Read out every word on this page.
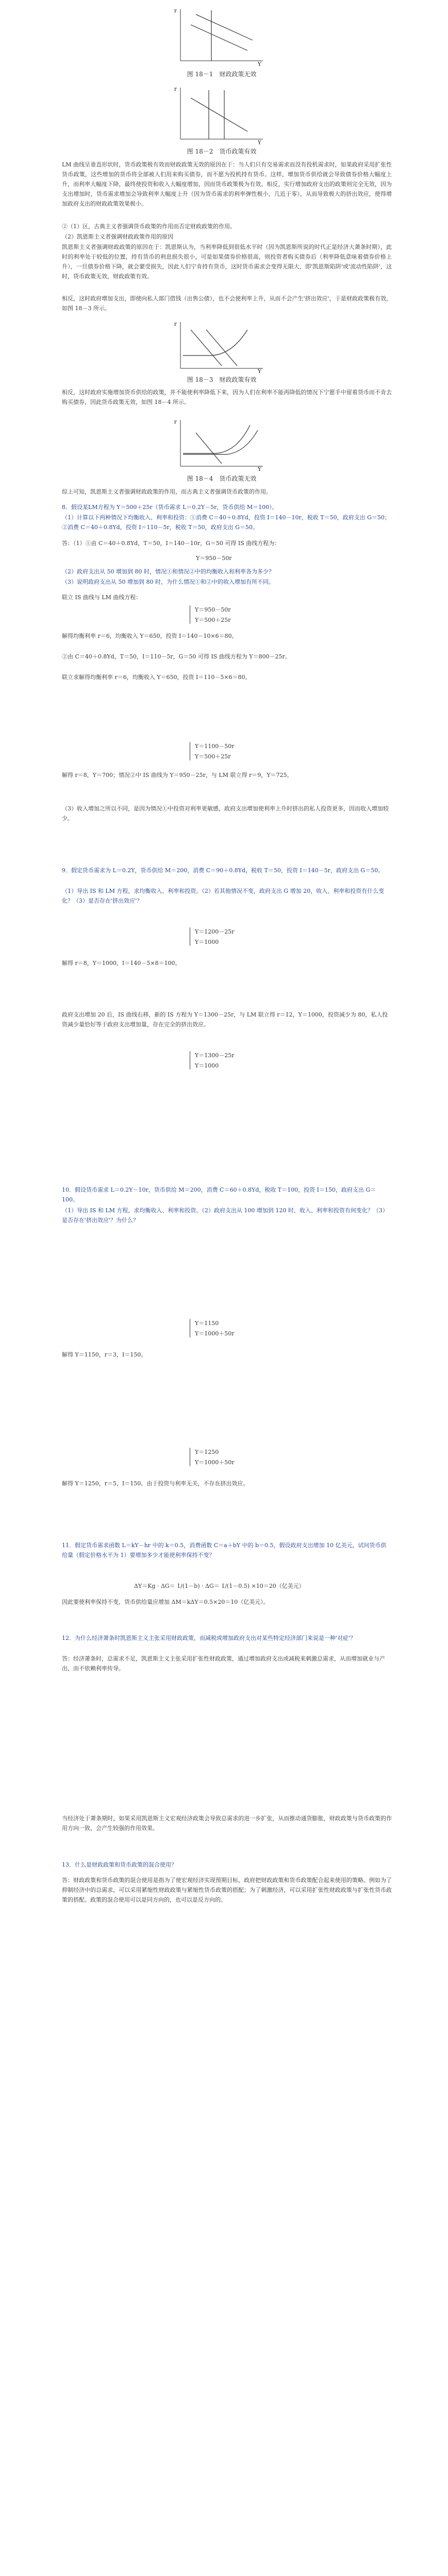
r
Y
图 18－1　财政政策无效
r
Y
图 18－2　货币政策有效
LM 曲线呈垂直形状时，货币政策极有效而财政政策无效的原因在于：当人们只有交易需求而没有投机需求时，如果政府采用扩张性货币政策，这些增加的货币将全部被人们用来购买债券，而不愿为投机持有货币。这样，增加货币供给就会导致债券价格大幅度上升，而利率大幅度下降，最终使投资和收入大幅度增加，因而货币政策极为有效。相反，实行增加政府支出的政策则完全无效，因为支出增加时，货币需求增加会导致利率大幅度上升（因为货币需求的利率弹性极小，几近于零），从而导致极大的挤出效应，使得增加政府支出的财政政策效果极小。
②（1）区，古典主义者强调货币政策的作用而否定财政政策的作用。
（2）凯恩斯主义者强调财政政策作用的原因
凯恩斯主义者强调财政政策的原因在于：凯恩斯认为，当利率降低到很低水平时（因为凯恩斯所说的时代正是经济大萧条时期），此时的利率处于较低的位置，持有货币的利息损失很小，可是如果债券价格很高，则投资者购买债券后（利率降低意味着债券价格上升），一旦债券价格下降，就会蒙受损失，因此人们宁肯持有货币，这时货币需求会变得无限大，即'凯恩斯陷阱'或'流动性陷阱'，这时，货币政策无效，财政政策有效。
相反，这时政府增加支出，即使向私人部门借钱（出售公债），也不会使利率上升，从而不会产生'挤出效应'，于是财政政策极有效，如图 18－3 所示。
r
Y
图 18－3　财政政策有效
相反，这时政府实施增加货币供给的政策，并不能使利率降低下来，因为人们在利率不能再降低的情况下宁愿手中留着货币而不肯去购买债券，因此货币政策无效，如图 18－4 所示。
r
Y
图 18－4　货币政策无效
综上可知，凯恩斯主义者强调财政政策的作用，而古典主义者强调货币政策的作用。
8．假设某LM方程为 Y＝500＋25r（货币需求 L＝0.2Y－5r，货币供给 M＝100）。
（1）计算以下两种情况下均衡收入、利率和投资：①消费 C＝40＋0.8Yd，投资 I＝140－10r，税收 T＝50，政府支出 G＝50；②消费 C＝40＋0.8Yd，投资 I＝110－5r，税收 T＝50，政府支出 G＝50。
答：（1）①由 C＝40＋0.8Yd，T＝50，I＝140－10r，G＝50 可得 IS 曲线方程为：
Y＝950－50r
（2）政府支出从 50 增加到 80 时，情况①和情况②中的均衡收入和利率各为多少？
（3）说明政府支出从 50 增加到 80 时，为什么情况①和②中的收入增加有所不同。
联立 IS 曲线与 LM 曲线方程：
Y＝950－50r
Y＝500＋25r
解得均衡利率 r＝6，均衡收入 Y＝650，投资 I＝140－10×6＝80。
②由 C＝40＋0.8Yd，T＝50，I＝110－5r，G＝50 可得 IS 曲线方程为 Y＝800－25r。
联立求解得均衡利率 r＝6，均衡收入 Y＝650，投资 I＝110－5×6＝80。
Y＝1100－50r
Y＝500＋25r
解得 r＝8，Y＝700；情况②中 IS 曲线为 Y＝950－25r，与 LM 联立得 r＝9，Y＝725。
（3）收入增加之所以不同，是因为情况①中投资对利率更敏感，政府支出增加使利率上升时挤出的私人投资更多，因而收入增加较少。
9．假定货币需求为 L＝0.2Y，货币供给 M＝200，消费 C＝90＋0.8Yd，税收 T＝50，投资 I＝140－5r，政府支出 G＝50。
（1）导出 IS 和 LM 方程，求均衡收入、利率和投资。（2）若其他情况不变，政府支出 G 增加 20，收入、利率和投资有什么变化？（3）是否存在'挤出效应'？
Y＝1200－25r
Y＝1000
解得 r＝8，Y＝1000，I＝140－5×8＝100。
政府支出增加 20 后，IS 曲线右移，新的 IS 方程为 Y＝1300－25r，与 LM 联立得 r＝12，Y＝1000，投资减少为 80，私人投资减少量恰好等于政府支出增加量，存在完全的挤出效应。
Y＝1300－25r
Y＝1000
10．假设货币需求 L＝0.2Y－10r，货币供给 M＝200，消费 C＝60＋0.8Yd，税收 T＝100，投资 I＝150，政府支出 G＝100。
（1）导出 IS 和 LM 方程，求均衡收入、利率和投资。（2）政府支出从 100 增加到 120 时，收入、利率和投资有何变化？（3）是否存在'挤出效应'？为什么？
Y＝1150
Y＝1000＋50r
解得 Y＝1150，r＝3，I＝150。
Y＝1250
Y＝1000＋50r
解得 Y＝1250，r＝5，I＝150。由于投资与利率无关，不存在挤出效应。
11．假定货币需求函数 L＝kY－hr 中的 k＝0.5，消费函数 C＝a＋bY 中的 b＝0.5，假设政府支出增加 10 亿美元，试问货币供给量（假定价格水平为 1）要增加多少才能使利率保持不变？
ΔY＝Kg · ΔG＝ 1/(1－b) · ΔG＝ 1/(1－0.5) ×10＝20（亿美元）
因此要使利率保持不变，货币供给量应增加 ΔM＝kΔY＝0.5×20＝10（亿美元）。
12．为什么经济萧条时凯恩斯主义主张采用财政政策，而减税或增加政府支出对某些特定经济部门来说是一种'对症'？
答：经济萧条时，总需求不足，凯恩斯主义主张采用扩张性财政政策，通过增加政府支出或减税来刺激总需求，从而增加就业与产出，而不依赖利率传导。
当经济处于萧条期时，如果采用凯恩斯主义宏观经济政策会导致总需求的进一步扩张，从而推动通货膨胀，财政政策与货币政策的作用方向一致，会产生较强的作用效果。
13．什么是财政政策和货币政策的混合使用？
答：财政政策和货币政策的混合使用是指为了使宏观经济实现预期目标，政府把财政政策和货币政策配合起来使用的策略。例如为了抑制经济中的总需求，可以采用紧缩性财政政策与紧缩性货币政策的搭配；为了刺激经济，可以采用扩张性财政政策与扩张性货币政策的搭配。政策的混合使用可以是同方向的，也可以是反方向的。
